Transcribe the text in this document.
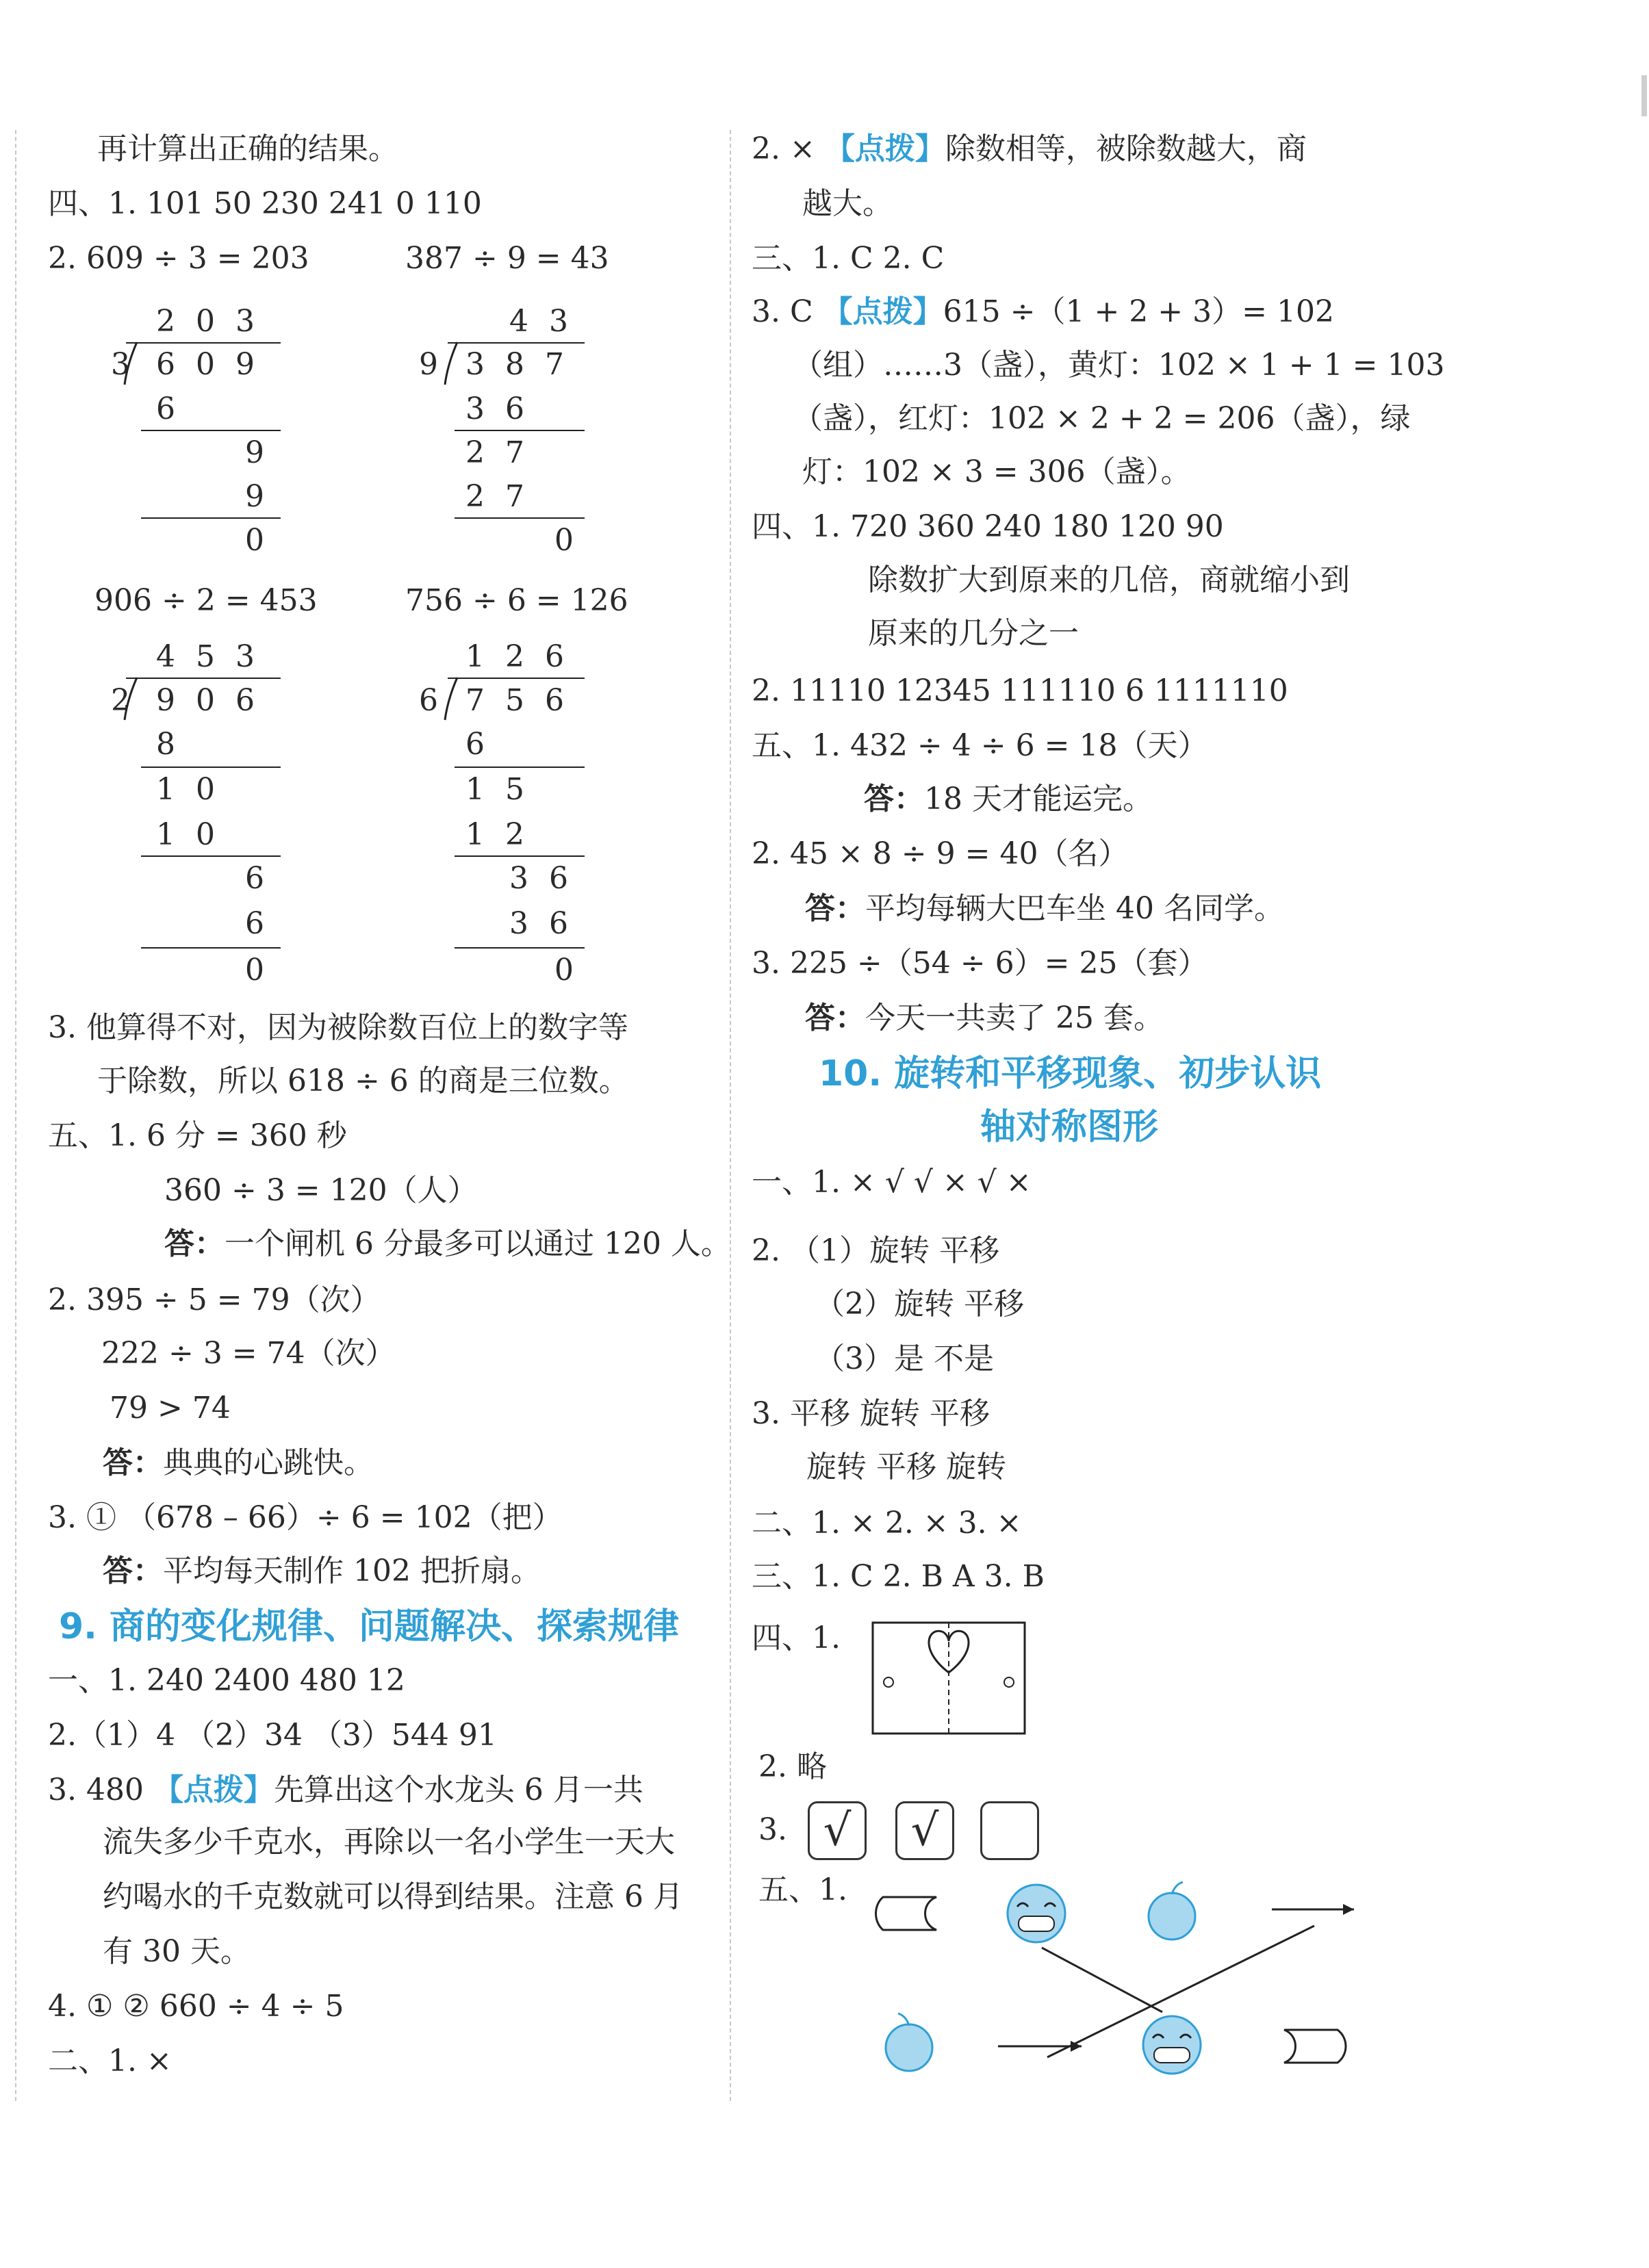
再计算出正确的结果。
四、1. 101 50 230 241 0 110
2. 609 ÷ 3 = 203	387 ÷ 9 = 43
203
3 609
6
9
9
0
43
9 387
36
27
27
0
906 ÷ 2 = 453	756 ÷ 6 = 126
453
2 906
8
10
10
6
6
0
126
6 756
6
15
12
36
36
0
3. 他算得不对，因为被除数百位上的数字等
于除数，所以 618 ÷ 6 的商是三位数。
五、1. 6 分 = 360 秒
360 ÷ 3 = 120（人）
答：一个闸机 6 分最多可以通过 120 人。
2. 395 ÷ 5 = 79（次）
222 ÷ 3 = 74（次）
79 > 74
答：典典的心跳快。
3. ① （678 – 66）÷ 6 = 102（把）
答：平均每天制作 102 把折扇。
9. 商的变化规律、问题解决、探索规律
一、1. 240 2400 480 12
2.（1）4 （2）34 （3）544 91
3. 480 【点拨】先算出这个水龙头 6 月一共
流失多少千克水，再除以一名小学生一天大
约喝水的千克数就可以得到结果。注意 6 月
有 30 天。
4. ① ② 660 ÷ 4 ÷ 5
二、1. ×
2. × 【点拨】除数相等，被除数越大，商
越大。
三、1. C 2. C
3. C 【点拨】615 ÷（1 + 2 + 3）= 102
（组）……3（盏），黄灯：102 × 1 + 1 = 103
（盏），红灯：102 × 2 + 2 = 206（盏），绿
灯：102 × 3 = 306（盏）。
四、1. 720 360 240 180 120 90
除数扩大到原来的几倍，商就缩小到
原来的几分之一
2. 11110 12345 111110 6 1111110
五、1. 432 ÷ 4 ÷ 6 = 18（天）
答：18 天才能运完。
2. 45 × 8 ÷ 9 = 40（名）
答：平均每辆大巴车坐 40 名同学。
3. 225 ÷（54 ÷ 6）= 25（套）
答：今天一共卖了 25 套。
10. 旋转和平移现象、初步认识
轴对称图形
一、1. × √ √ × √ ×
2. （1）旋转 平移
（2）旋转 平移
（3）是 不是
3. 平移 旋转 平移
旋转 平移 旋转
二、1. × 2. × 3. ×
三、1. C 2. B A 3. B
四、1.
2. 略
3. √	√
五、1.
